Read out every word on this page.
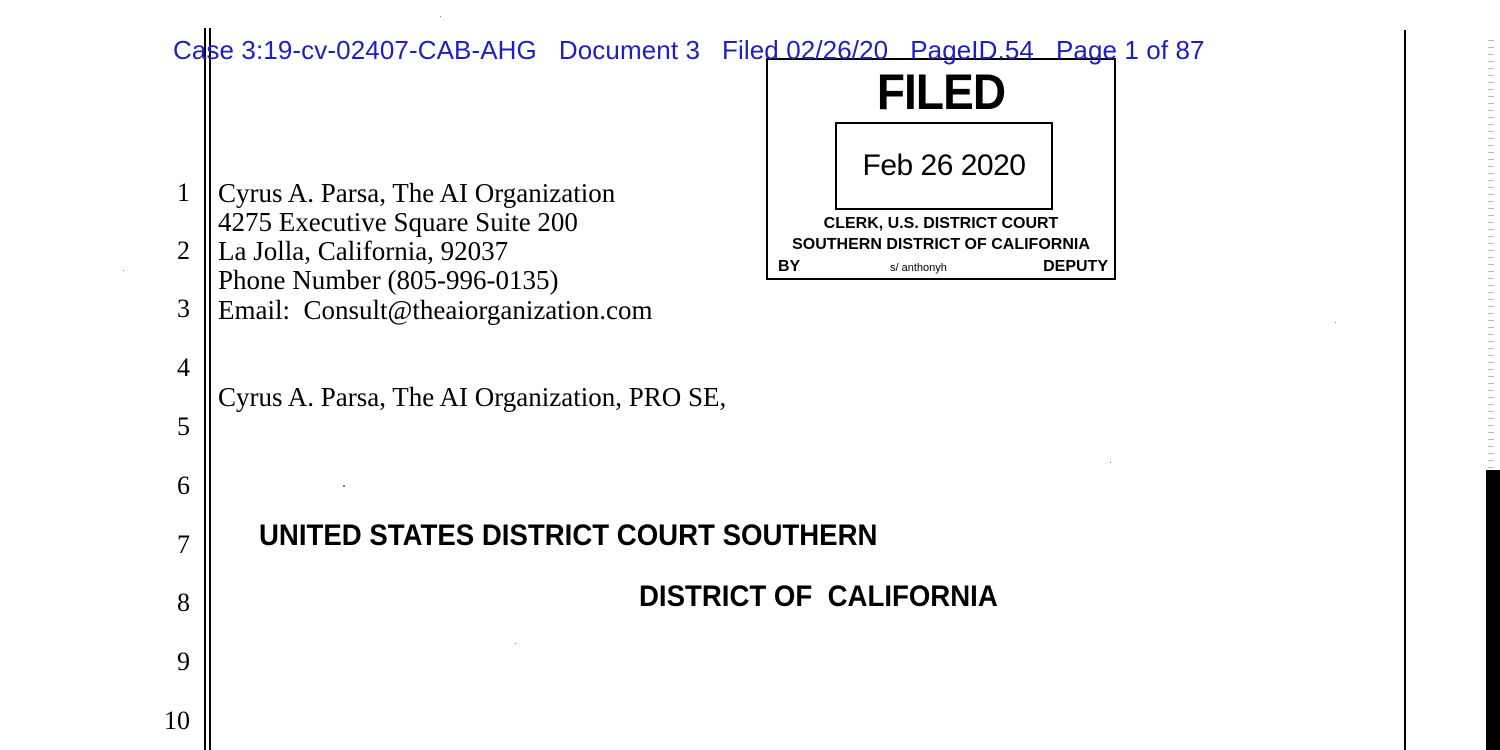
Case 3:19-cv-02407-CAB-AHG Document 3 Filed 02/26/20 PageID.54 Page 1 of 87
FILED
Feb 26 2020
CLERK, U.S. DISTRICT COURT
SOUTHERN DISTRICT OF CALIFORNIA
BY	s/ anthonyh	DEPUTY
1
2
3
4
5
6
7
8
9
10
Cyrus A. Parsa, The AI Organization
4275 Executive Square Suite 200
La Jolla, California, 92037
Phone Number (805-996-0135)
Email:  Consult@theaiorganization.com
Cyrus A. Parsa, The AI Organization, PRO SE,
UNITED STATES DISTRICT COURT SOUTHERN
DISTRICT OF  CALIFORNIA
